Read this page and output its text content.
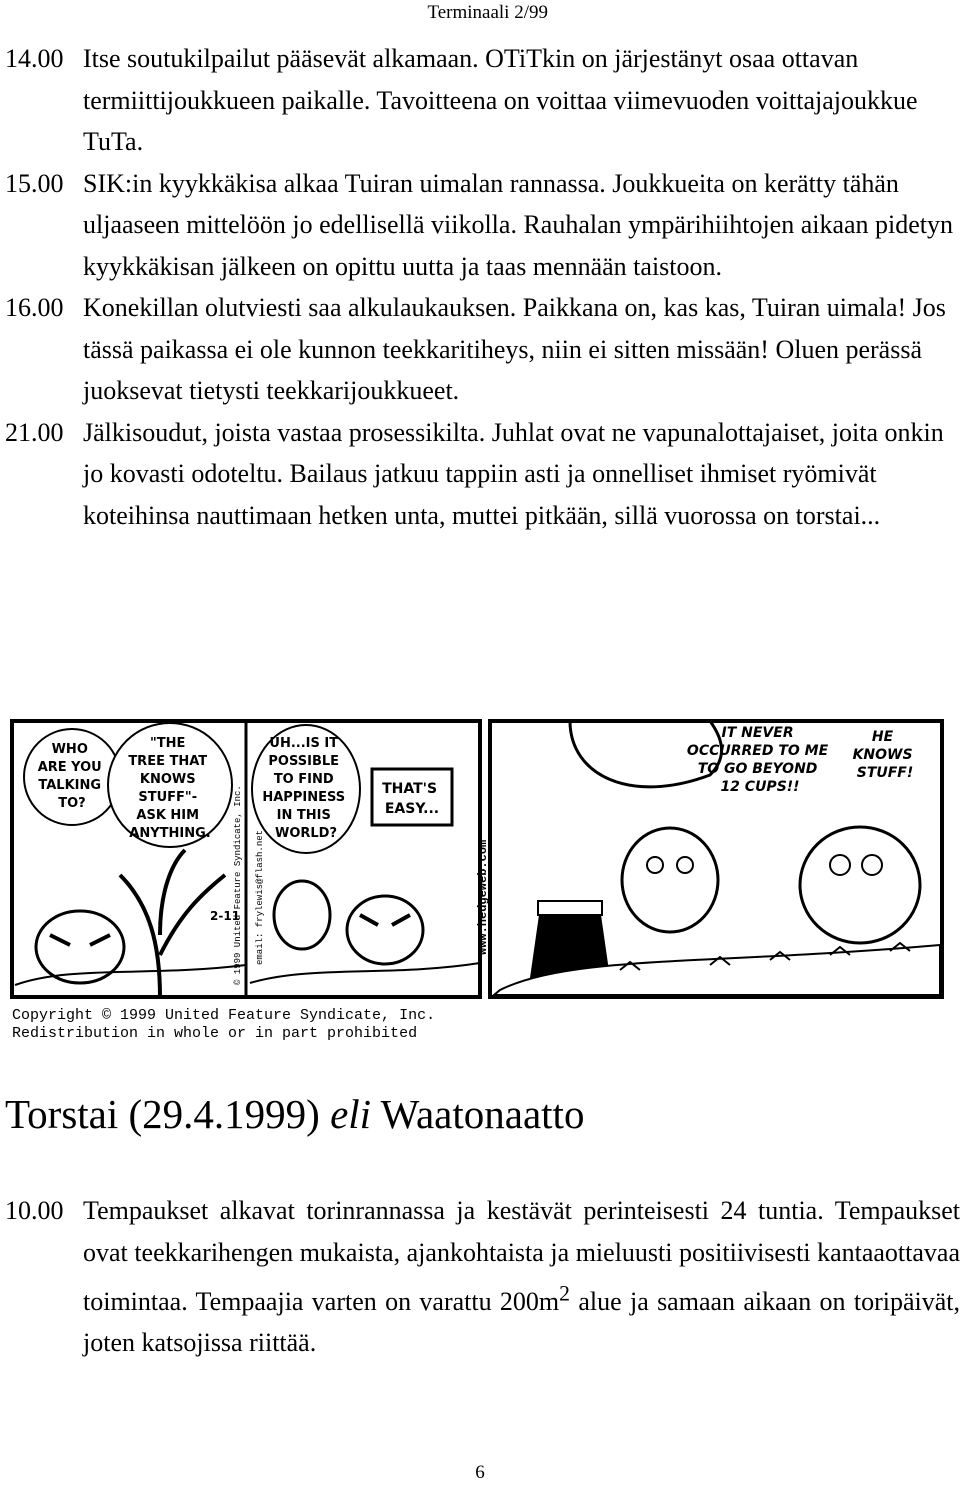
Terminaali 2/99
14.00 Itse soutukilpailut pääsevät alkamaan. OTiTkin on järjestänyt osaa ottavan termiittijoukkueen paikalle. Tavoitteena on voittaa viimevuoden voittajajoukkue TuTa.
15.00 SIK:in kyykkäkisa alkaa Tuiran uimalan rannassa. Joukkueita on kerätty tähän uljaaseen mittelöön jo edellisellä viikolla. Rauhalan ympärihiihtojen aikaan pidetyn kyykkäkisan jälkeen on opittu uutta ja taas mennään taistoon.
16.00 Konekillan olutviesti saa alkulaukauksen. Paikkana on, kas kas, Tuiran uimala! Jos tässä paikassa ei ole kunnon teekkaritiheys, niin ei sitten missään! Oluen perässä juoksevat tietysti teekkarijoukkueet.
21.00 Jälkisoudut, joista vastaa prosessikilta. Juhlat ovat ne vapunalottajaiset, joita onkin jo kovasti odoteltu. Bailaus jatkuu tappiin asti ja onnelliset ihmiset ryömivät koteihinsa nauttimaan hetken unta, muttei pitkään, sillä vuorossa on torstai...
WHO ARE YOU TALKING TO?
"THE TREE THAT KNOWS STUFF"- ASK HIM ANYTHING.
2-11
© 1999 United Feature Syndicate, Inc.
UH...IS IT POSSIBLE TO FIND HAPPINESS IN THIS WORLD?
THAT'S EASY...
email: frylewis@flash.net	www.hedgeweb.com
IT NEVER OCCURRED TO ME TO GO BEYOND 12 CUPS!!
HE KNOWS STUFF!
Copyright © 1999 United Feature Syndicate, Inc.
Redistribution in whole or in part prohibited
Torstai (29.4.1999) eli Waatonaatto
10.00 Tempaukset alkavat torinrannassa ja kestävät perinteisesti 24 tuntia. Tempaukset ovat teekkarihengen mukaista, ajankohtaista ja mieluusti positiivisesti kantaaottavaa toimintaa. Tempaajia varten on varattu $200m^2$ alue ja samaan aikaan on toripäivät, joten katsojissa riittää.
6
